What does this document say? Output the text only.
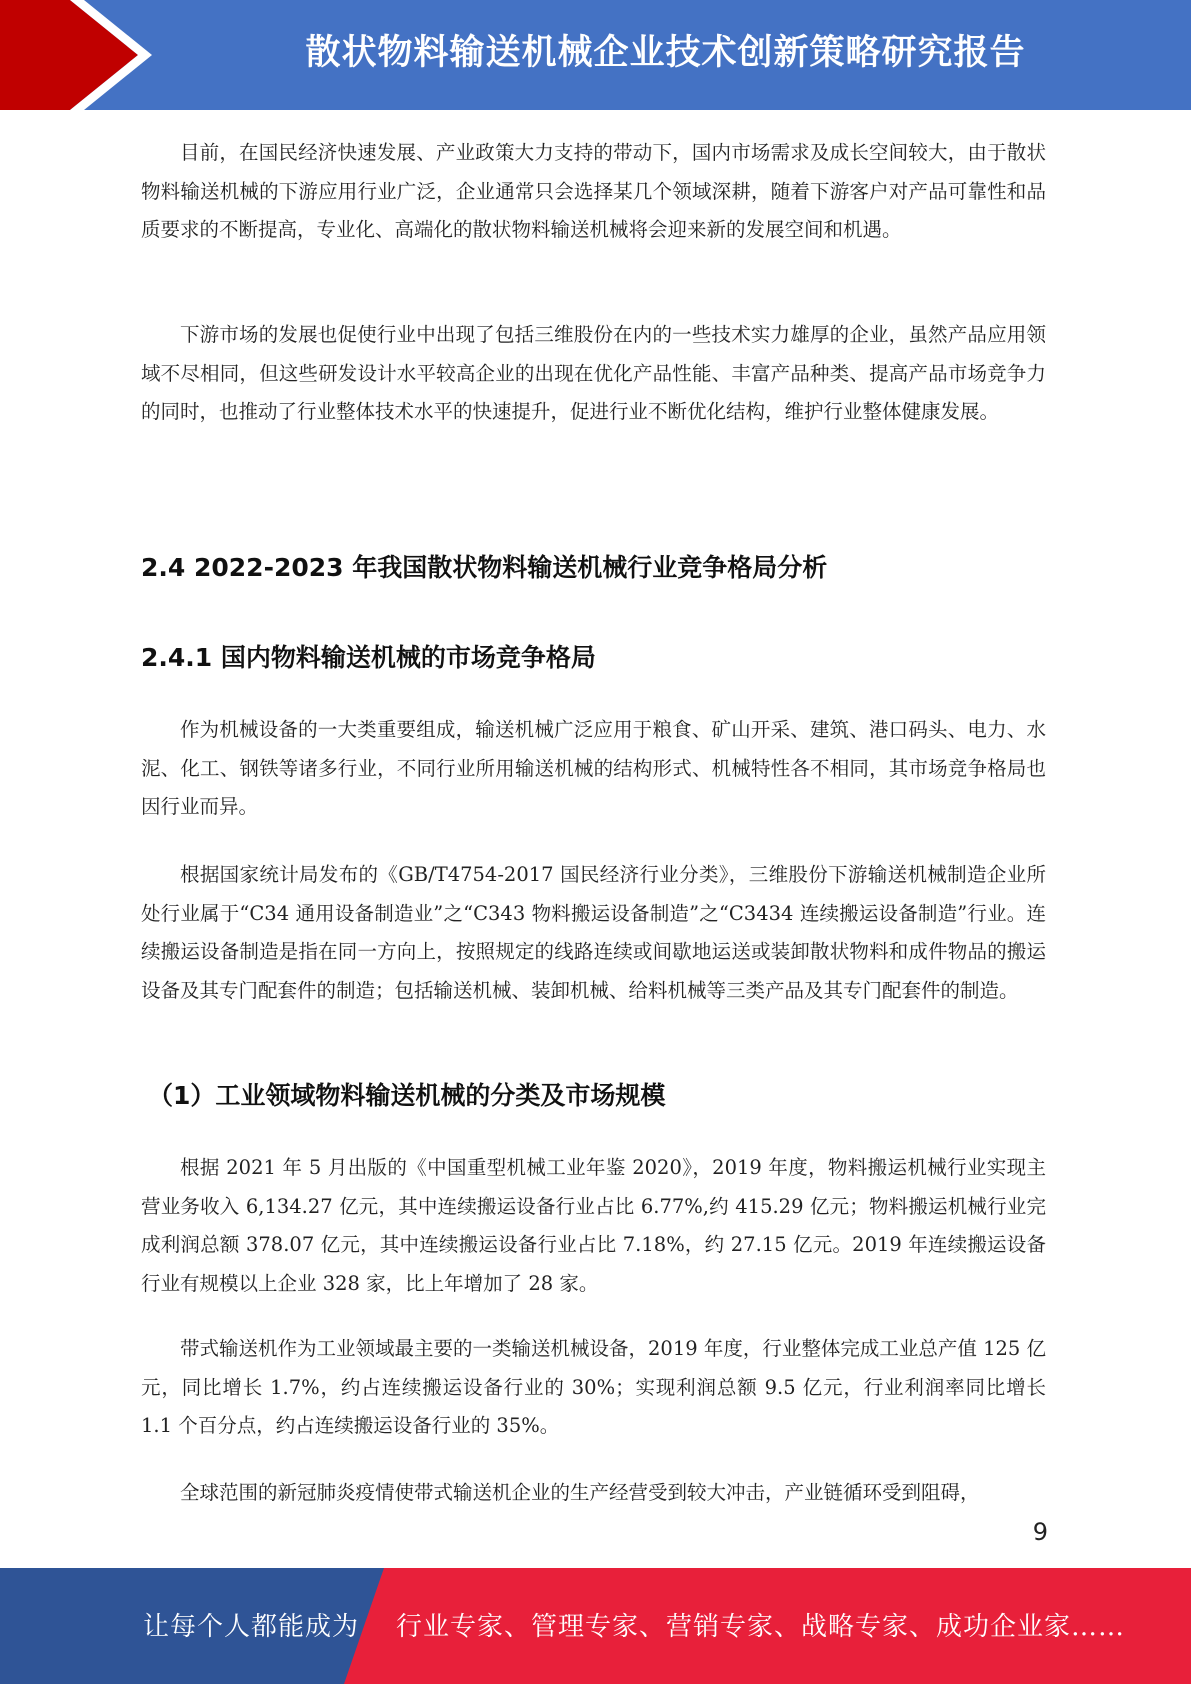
散状物料输送机械企业技术创新策略研究报告

目前，在国民经济快速发展、产业政策大力支持的带动下，国内市场需求及成长空间较大，由于散状物料输送机械的下游应用行业广泛，企业通常只会选择某几个领域深耕，随着下游客户对产品可靠性和品质要求的不断提高，专业化、高端化的散状物料输送机械将会迎来新的发展空间和机遇。

下游市场的发展也促使行业中出现了包括三维股份在内的一些技术实力雄厚的企业，虽然产品应用领域不尽相同，但这些研发设计水平较高企业的出现在优化产品性能、丰富产品种类、提高产品市场竞争力的同时，也推动了行业整体技术水平的快速提升，促进行业不断优化结构，维护行业整体健康发展。

2.4 2022-2023 年我国散状物料输送机械行业竞争格局分析
2.4.1 国内物料输送机械的市场竞争格局

作为机械设备的一大类重要组成，输送机械广泛应用于粮食、矿山开采、建筑、港口码头、电力、水泥、化工、钢铁等诸多行业，不同行业所用输送机械的结构形式、机械特性各不相同，其市场竞争格局也因行业而异。

根据国家统计局发布的《GB/T4754-2017 国民经济行业分类》，三维股份下游输送机械制造企业所处行业属于“C34 通用设备制造业”之“C343 物料搬运设备制造”之“C3434 连续搬运设备制造”行业。连续搬运设备制造是指在同一方向上，按照规定的线路连续或间歇地运送或装卸散状物料和成件物品的搬运设备及其专门配套件的制造；包括输送机械、装卸机械、给料机械等三类产品及其专门配套件的制造。

（1）工业领域物料输送机械的分类及市场规模

根据 2021 年 5 月出版的《中国重型机械工业年鉴 2020》，2019 年度，物料搬运机械行业实现主营业务收入 6,134.27 亿元，其中连续搬运设备行业占比 6.77%,约 415.29 亿元；物料搬运机械行业完成利润总额 378.07 亿元，其中连续搬运设备行业占比 7.18%，约 27.15 亿元。2019 年连续搬运设备行业有规模以上企业 328 家，比上年增加了 28 家。

带式输送机作为工业领域最主要的一类输送机械设备，2019 年度，行业整体完成工业总产值 125 亿元，同比增长 1.7%，约占连续搬运设备行业的 30%；实现利润总额 9.5 亿元，行业利润率同比增长 1.1 个百分点，约占连续搬运设备行业的 35%。

全球范围的新冠肺炎疫情使带式输送机企业的生产经营受到较大冲击，产业链循环受到阻碍，

9
让每个人都能成为 行业专家、管理专家、营销专家、战略专家、成功企业家……
